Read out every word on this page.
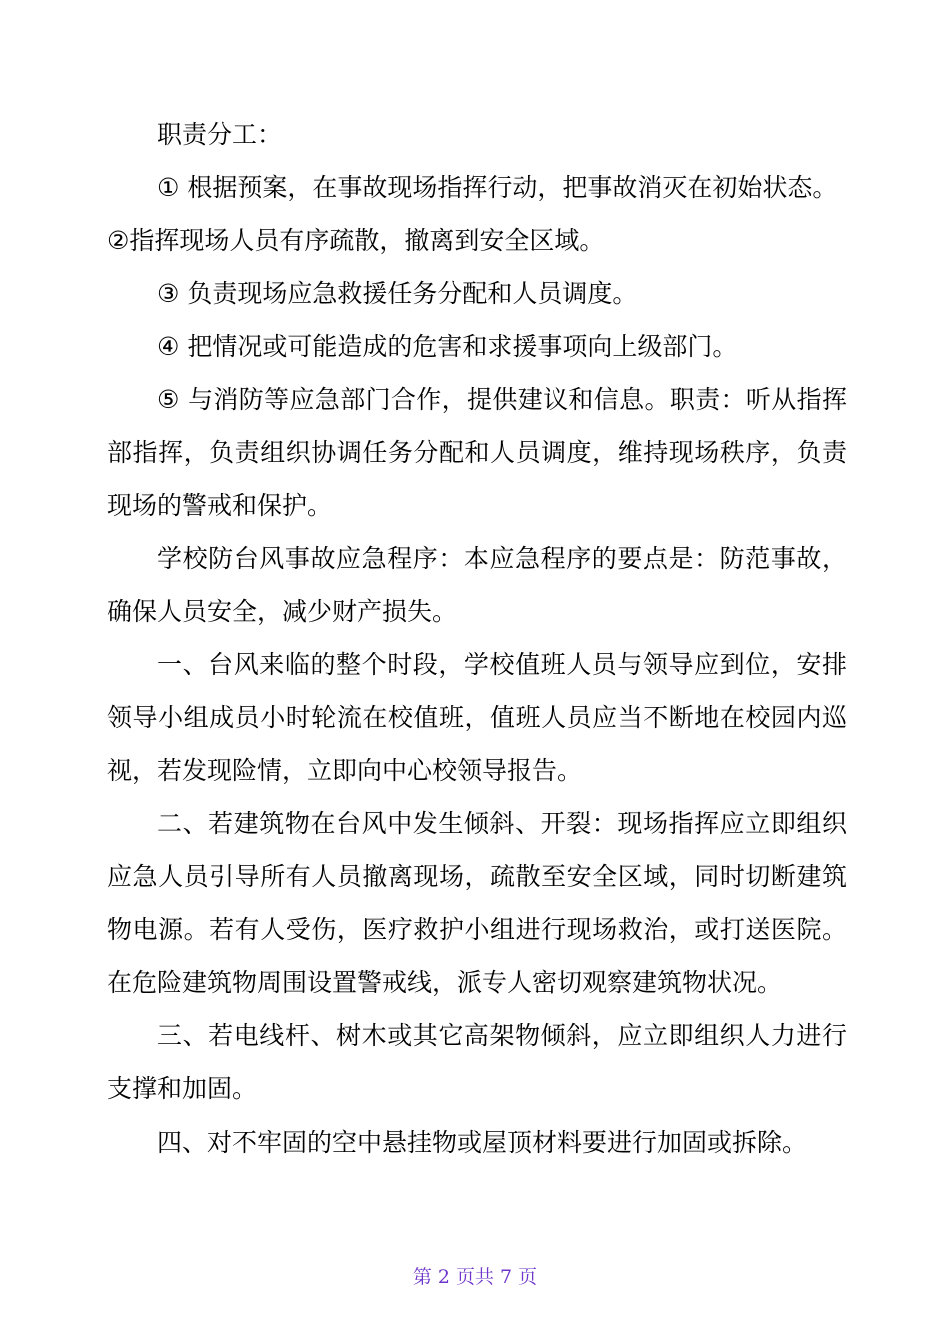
职责分工：

① 根据预案，在事故现场指挥行动，把事故消灭在初始状态。

②指挥现场人员有序疏散，撤离到安全区域。

③ 负责现场应急救援任务分配和人员调度。

④ 把情况或可能造成的危害和求援事项向上级部门。

⑤ 与消防等应急部门合作，提供建议和信息。职责：听从指挥部指挥，负责组织协调任务分配和人员调度，维持现场秩序，负责现场的警戒和保护。

学校防台风事故应急程序：本应急程序的要点是：防范事故，确保人员安全，减少财产损失。

一、台风来临的整个时段，学校值班人员与领导应到位，安排领导小组成员小时轮流在校值班，值班人员应当不断地在校园内巡视，若发现险情，立即向中心校领导报告。

二、若建筑物在台风中发生倾斜、开裂：现场指挥应立即组织应急人员引导所有人员撤离现场，疏散至安全区域，同时切断建筑物电源。若有人受伤，医疗救护小组进行现场救治，或打送医院。在危险建筑物周围设置警戒线，派专人密切观察建筑物状况。

三、若电线杆、树木或其它高架物倾斜，应立即组织人力进行支撑和加固。

四、对不牢固的空中悬挂物或屋顶材料要进行加固或拆除。

第 2 页共 7 页
